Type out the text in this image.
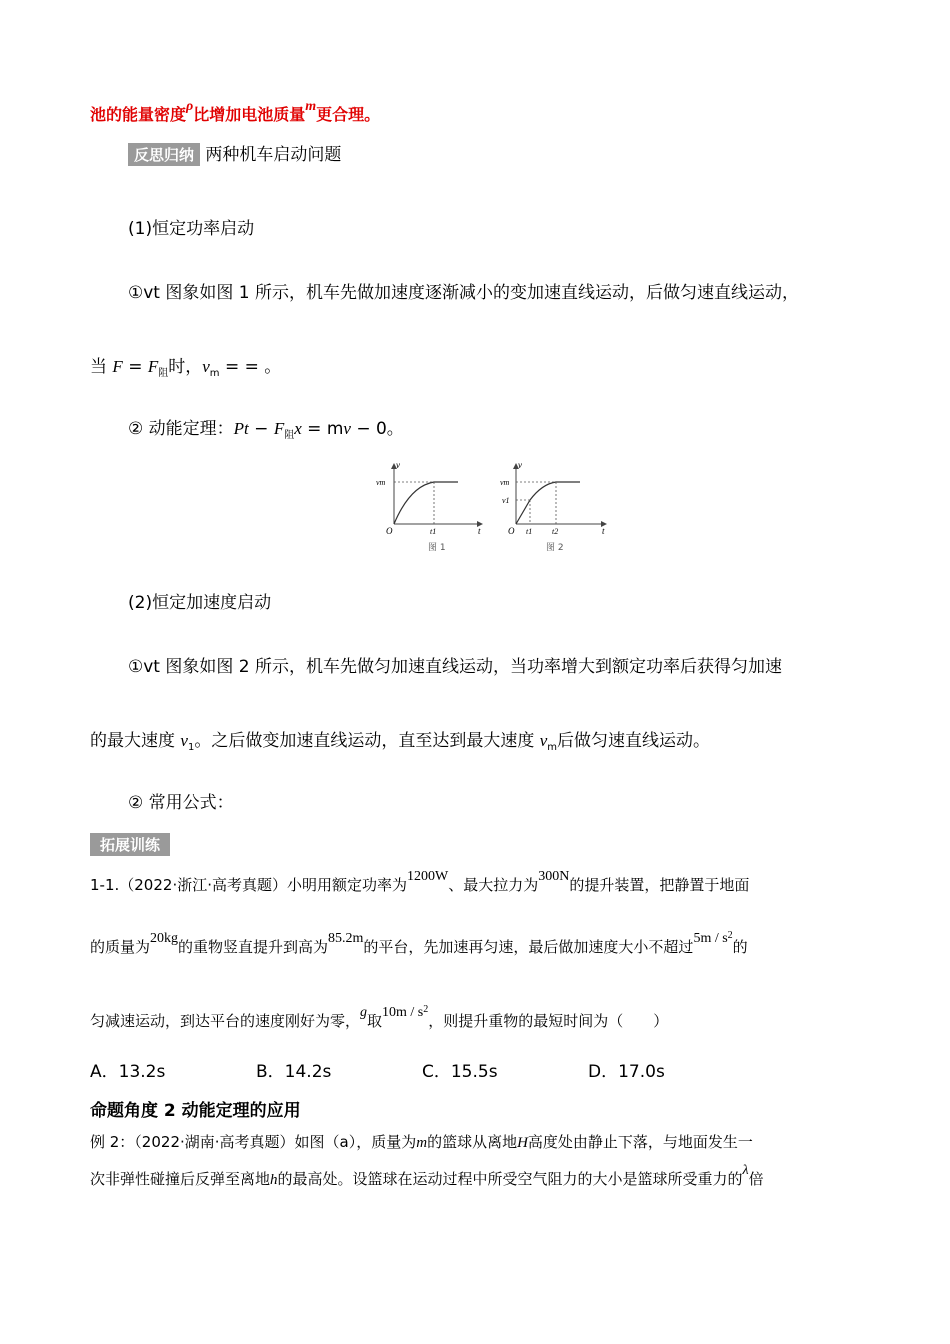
池的能量密度ρ比增加电池质量m更合理。
反思归纳 两种机车启动问题
(1)恒定功率启动
①vt 图象如图 1 所示，机车先做加速度逐渐减小的变加速直线运动，后做匀速直线运动，
当 $F = F_阻$时，$v_m$ = = 。
② 动能定理：$Pt - F_阻x$ = mv − 0。
v
vm
O	t1	t
图 1
v
vm
v1
O t1 t2	t
图 2
(2)恒定加速度启动
①vt 图象如图 2 所示，机车先做匀加速直线运动，当功率增大到额定功率后获得匀加速
的最大速度 $v_1$。之后做变加速直线运动，直至达到最大速度 $v_m$后做匀速直线运动。
② 常用公式：
拓展训练
1-1.（2022·浙江·高考真题）小明用额定功率为1200W、最大拉力为300N的提升装置，把静置于地面
的质量为20kg的重物竖直提升到高为85.2m的平台，先加速再匀速，最后做加速度大小不超过$5m / s^2$的
匀减速运动，到达平台的速度刚好为零，g取$10m / s^2$，则提升重物的最短时间为（　　）
A．13.2s	B．14.2s	C．15.5s	D．17.0s
命题角度 2 动能定理的应用
例 2：（2022·湖南·高考真题）如图（a），质量为m的篮球从离地H高度处由静止下落，与地面发生一
次非弹性碰撞后反弹至离地h的最高处。设篮球在运动过程中所受空气阻力的大小是篮球所受重力的λ倍
